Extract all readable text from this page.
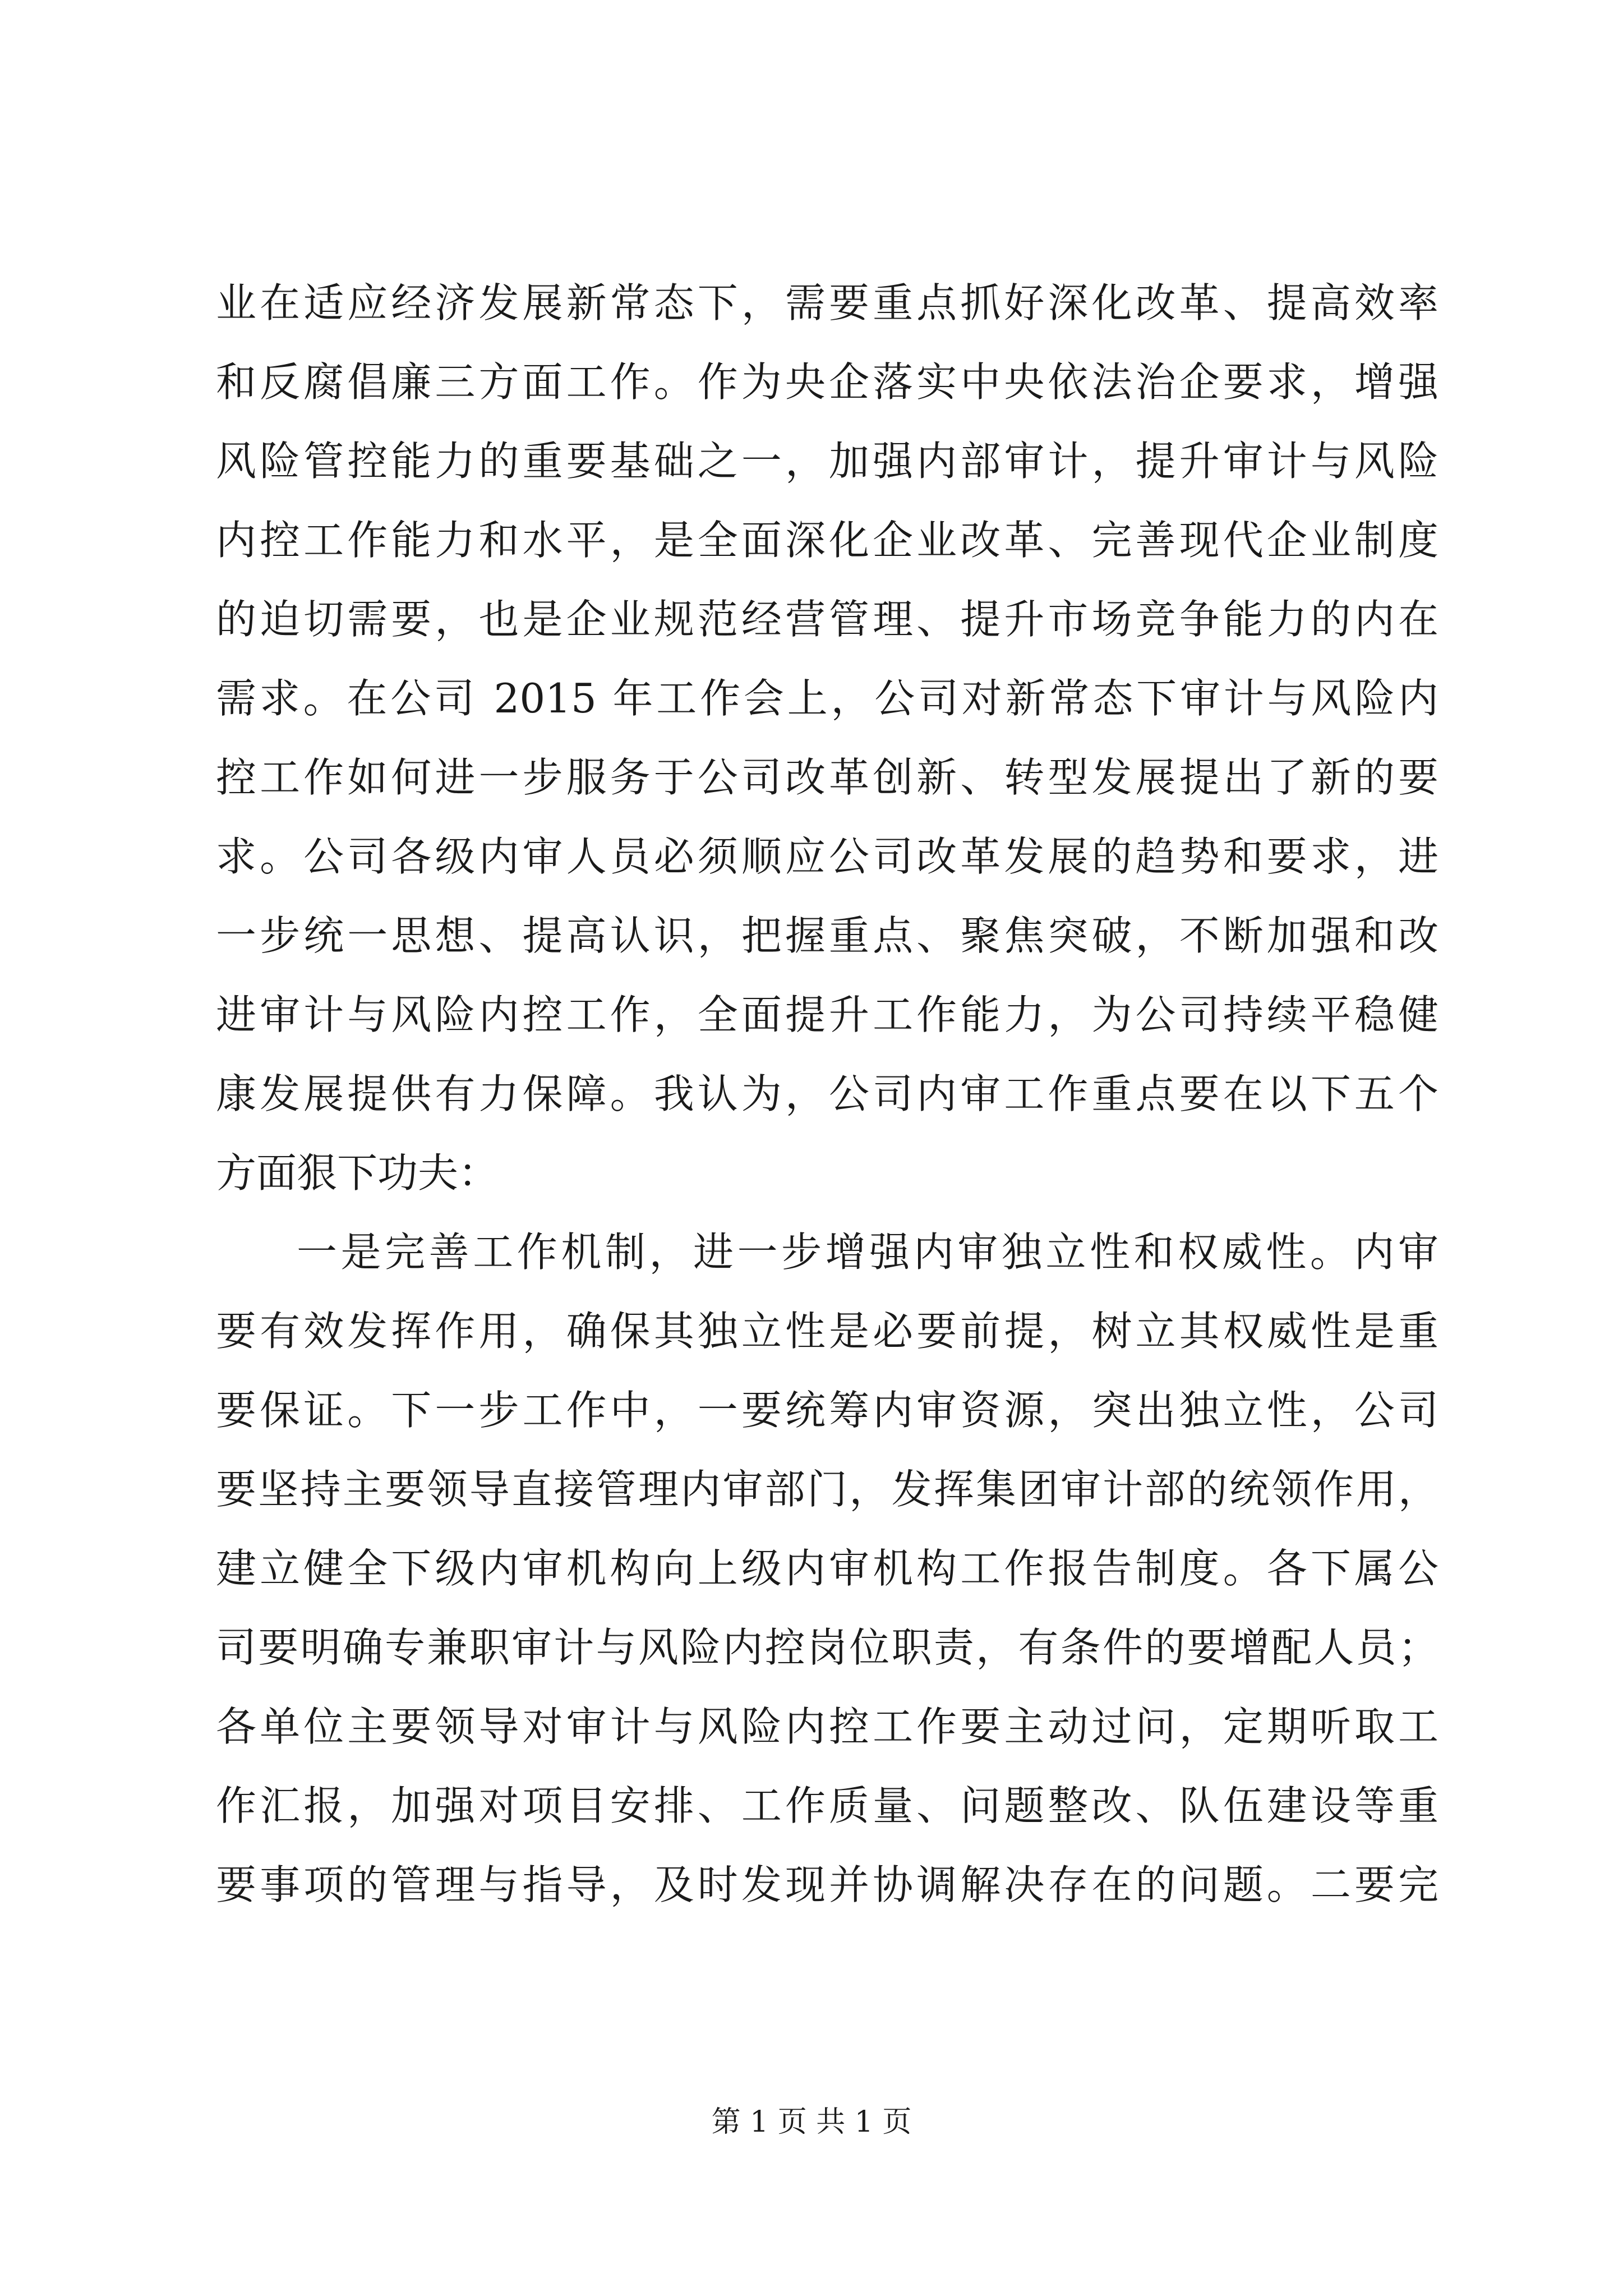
业在适应经济发展新常态下，需要重点抓好深化改革、提高效率
和反腐倡廉三方面工作。作为央企落实中央依法治企要求，增强
风险管控能力的重要基础之一，加强内部审计，提升审计与风险
内控工作能力和水平，是全面深化企业改革、完善现代企业制度
的迫切需要，也是企业规范经营管理、提升市场竞争能力的内在
需求。在公司 2015 年工作会上，公司对新常态下审计与风险内
控工作如何进一步服务于公司改革创新、转型发展提出了新的要
求。公司各级内审人员必须顺应公司改革发展的趋势和要求，进
一步统一思想、提高认识，把握重点、聚焦突破，不断加强和改
进审计与风险内控工作，全面提升工作能力，为公司持续平稳健
康发展提供有力保障。我认为，公司内审工作重点要在以下五个
方面狠下功夫：
一是完善工作机制，进一步增强内审独立性和权威性。内审
要有效发挥作用，确保其独立性是必要前提，树立其权威性是重
要保证。下一步工作中，一要统筹内审资源，突出独立性，公司
要坚持主要领导直接管理内审部门，发挥集团审计部的统领作用，
建立健全下级内审机构向上级内审机构工作报告制度。各下属公
司要明确专兼职审计与风险内控岗位职责，有条件的要增配人员；
各单位主要领导对审计与风险内控工作要主动过问，定期听取工
作汇报，加强对项目安排、工作质量、问题整改、队伍建设等重
要事项的管理与指导，及时发现并协调解决存在的问题。二要完
第 1 页 共 1 页
